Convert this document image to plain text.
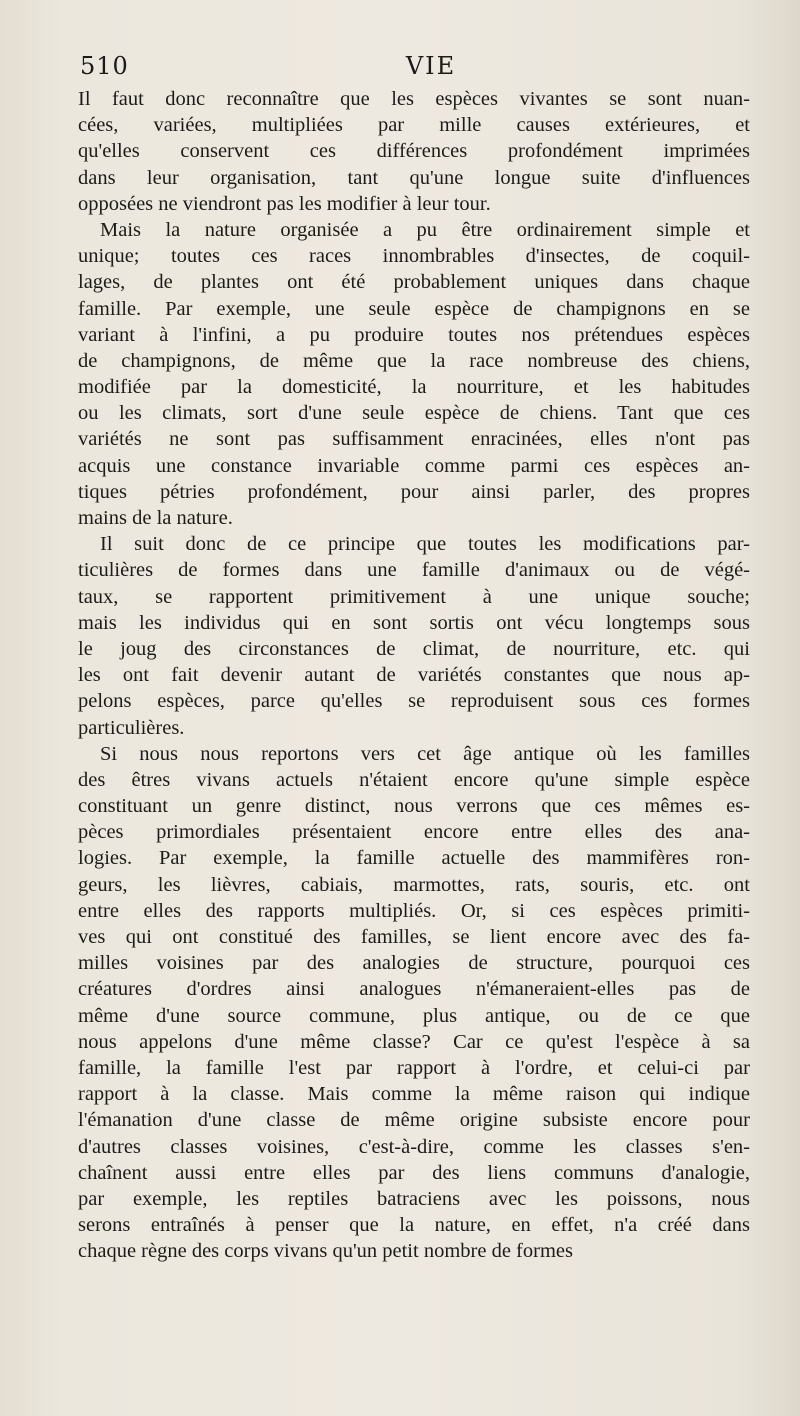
510	VIE
Il faut donc reconnaître que les espèces vivantes se sont nuan-
cées, variées, multipliées par mille causes extérieures, et
qu'elles conservent ces différences profondément imprimées
dans leur organisation, tant qu'une longue suite d'influences
opposées ne viendront pas les modifier à leur tour.
Mais la nature organisée a pu être ordinairement simple et
unique; toutes ces races innombrables d'insectes, de coquil-
lages, de plantes ont été probablement uniques dans chaque
famille. Par exemple, une seule espèce de champignons en se
variant à l'infini, a pu produire toutes nos prétendues espèces
de champignons, de même que la race nombreuse des chiens,
modifiée par la domesticité, la nourriture, et les habitudes
ou les climats, sort d'une seule espèce de chiens. Tant que ces
variétés ne sont pas suffisamment enracinées, elles n'ont pas
acquis une constance invariable comme parmi ces espèces an-
tiques pétries profondément, pour ainsi parler, des propres
mains de la nature.
Il suit donc de ce principe que toutes les modifications par-
ticulières de formes dans une famille d'animaux ou de végé-
taux, se rapportent primitivement à une unique souche;
mais les individus qui en sont sortis ont vécu longtemps sous
le joug des circonstances de climat, de nourriture, etc. qui
les ont fait devenir autant de variétés constantes que nous ap-
pelons espèces, parce qu'elles se reproduisent sous ces formes
particulières.
Si nous nous reportons vers cet âge antique où les familles
des êtres vivans actuels n'étaient encore qu'une simple espèce
constituant un genre distinct, nous verrons que ces mêmes es-
pèces primordiales présentaient encore entre elles des ana-
logies. Par exemple, la famille actuelle des mammifères ron-
geurs, les lièvres, cabiais, marmottes, rats, souris, etc. ont
entre elles des rapports multipliés. Or, si ces espèces primiti-
ves qui ont constitué des familles, se lient encore avec des fa-
milles voisines par des analogies de structure, pourquoi ces
créatures d'ordres ainsi analogues n'émaneraient-elles pas de
même d'une source commune, plus antique, ou de ce que
nous appelons d'une même classe? Car ce qu'est l'espèce à sa
famille, la famille l'est par rapport à l'ordre, et celui-ci par
rapport à la classe. Mais comme la même raison qui indique
l'émanation d'une classe de même origine subsiste encore pour
d'autres classes voisines, c'est-à-dire, comme les classes s'en-
chaînent aussi entre elles par des liens communs d'analogie,
par exemple, les reptiles batraciens avec les poissons, nous
serons entraînés à penser que la nature, en effet, n'a créé dans
chaque règne des corps vivans qu'un petit nombre de formes
